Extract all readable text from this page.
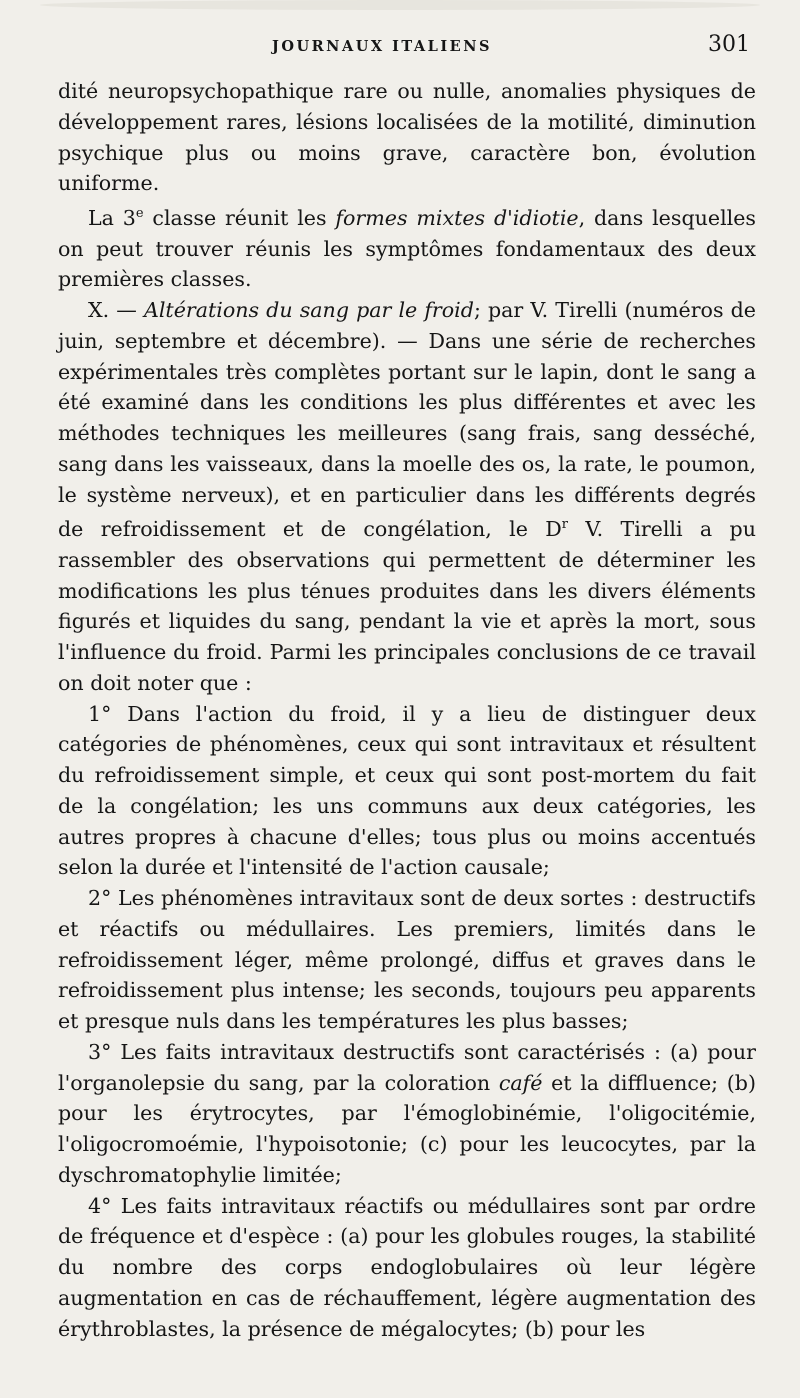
JOURNAUX ITALIENS	301

dité neuropsychopathique rare ou nulle, anomalies physiques de développement rares, lésions localisées de la motilité, diminution psychique plus ou moins grave, caractère bon, évolution uniforme.

La 3e classe réunit les formes mixtes d'idiotie, dans lesquelles on peut trouver réunis les symptômes fondamentaux des deux premières classes.

X. — Altérations du sang par le froid; par V. Tirelli (numéros de juin, septembre et décembre). — Dans une série de recherches expérimentales très complètes portant sur le lapin, dont le sang a été examiné dans les conditions les plus différentes et avec les méthodes techniques les meilleures (sang frais, sang desséché, sang dans les vaisseaux, dans la moelle des os, la rate, le poumon, le système nerveux), et en particulier dans les différents degrés de refroidissement et de congélation, le $D^r$ V. Tirelli a pu rassembler des observations qui permettent de déterminer les modifications les plus ténues produites dans les divers éléments figurés et liquides du sang, pendant la vie et après la mort, sous l'influence du froid. Parmi les principales conclusions de ce travail on doit noter que :

1° Dans l'action du froid, il y a lieu de distinguer deux catégories de phénomènes, ceux qui sont intravitaux et résultent du refroidissement simple, et ceux qui sont post-mortem du fait de la congélation; les uns communs aux deux catégories, les autres propres à chacune d'elles; tous plus ou moins accentués selon la durée et l'intensité de l'action causale;

2° Les phénomènes intravitaux sont de deux sortes : destructifs et réactifs ou médullaires. Les premiers, limités dans le refroidissement léger, même prolongé, diffus et graves dans le refroidissement plus intense; les seconds, toujours peu apparents et presque nuls dans les températures les plus basses;

3° Les faits intravitaux destructifs sont caractérisés : (a) pour l'organolepsie du sang, par la coloration café et la diffluence; (b) pour les érytrocytes, par l'émoglobinémie, l'oligocitémie, l'oligocromoémie, l'hypoisotonie; (c) pour les leucocytes, par la dyschromatophylie limitée;

4° Les faits intravitaux réactifs ou médullaires sont par ordre de fréquence et d'espèce : (a) pour les globules rouges, la stabilité du nombre des corps endoglobulaires où leur légère augmentation en cas de réchauffement, légère augmentation des érythroblastes, la présence de mégalocytes; (b) pour les
